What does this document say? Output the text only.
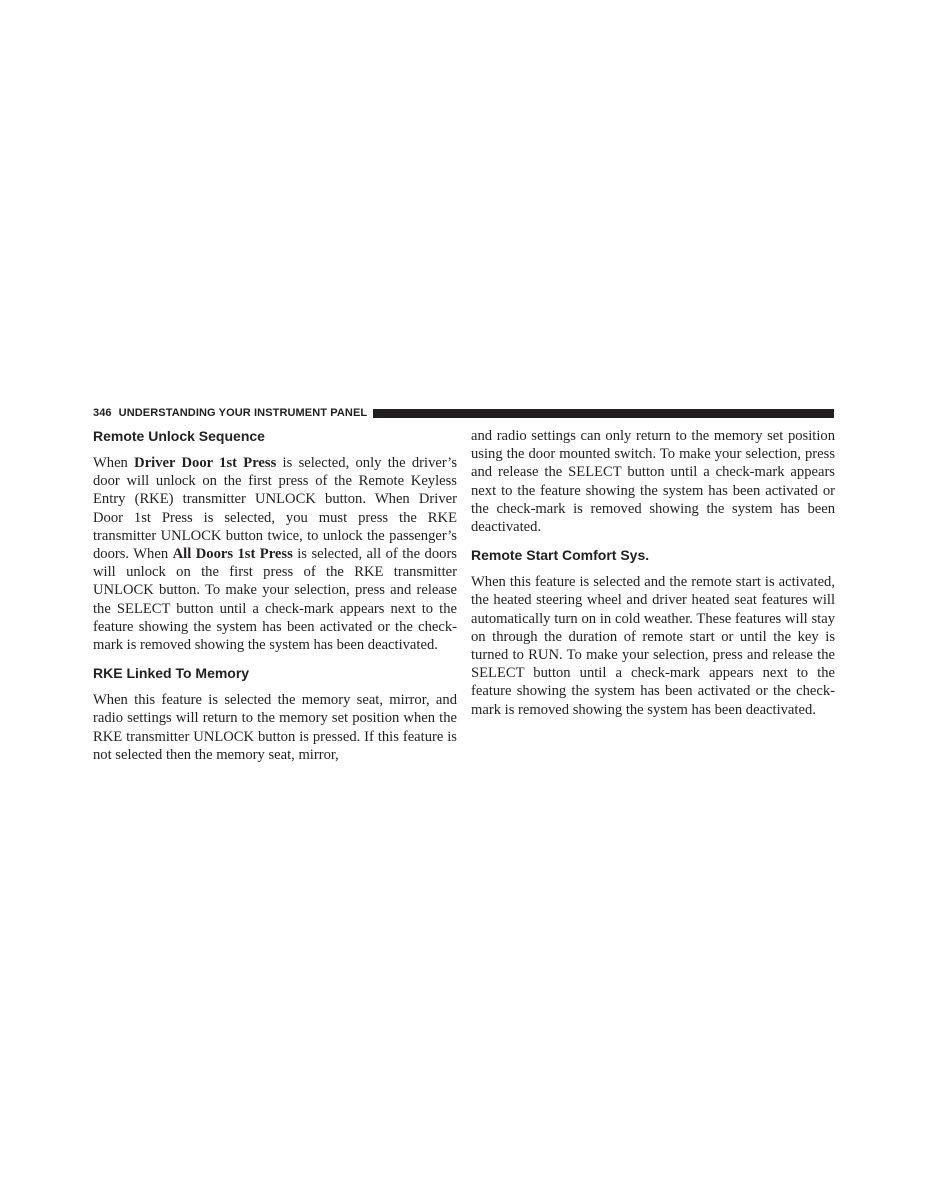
346 UNDERSTANDING YOUR INSTRUMENT PANEL
Remote Unlock Sequence

When Driver Door 1st Press is selected, only the driver’s door will unlock on the first press of the Remote Keyless Entry (RKE) transmitter UNLOCK button. When Driver Door 1st Press is selected, you must press the RKE transmitter UNLOCK button twice, to unlock the passenger’s doors. When All Doors 1st Press is selected, all of the doors will unlock on the first press of the RKE transmitter UNLOCK button. To make your selection, press and release the SELECT button until a check-mark appears next to the feature showing the system has been activated or the check-mark is removed showing the system has been deactivated.

RKE Linked To Memory

When this feature is selected the memory seat, mirror, and radio settings will return to the memory set position when the RKE transmitter UNLOCK button is pressed. If this feature is not selected then the memory seat, mirror,

and radio settings can only return to the memory set position using the door mounted switch. To make your selection, press and release the SELECT button until a check-mark appears next to the feature showing the system has been activated or the check-mark is removed showing the system has been deactivated.

Remote Start Comfort Sys.

When this feature is selected and the remote start is activated, the heated steering wheel and driver heated seat features will automatically turn on in cold weather. These features will stay on through the duration of remote start or until the key is turned to RUN. To make your selection, press and release the SELECT button until a check-mark appears next to the feature showing the system has been activated or the check-mark is removed showing the system has been deactivated.
